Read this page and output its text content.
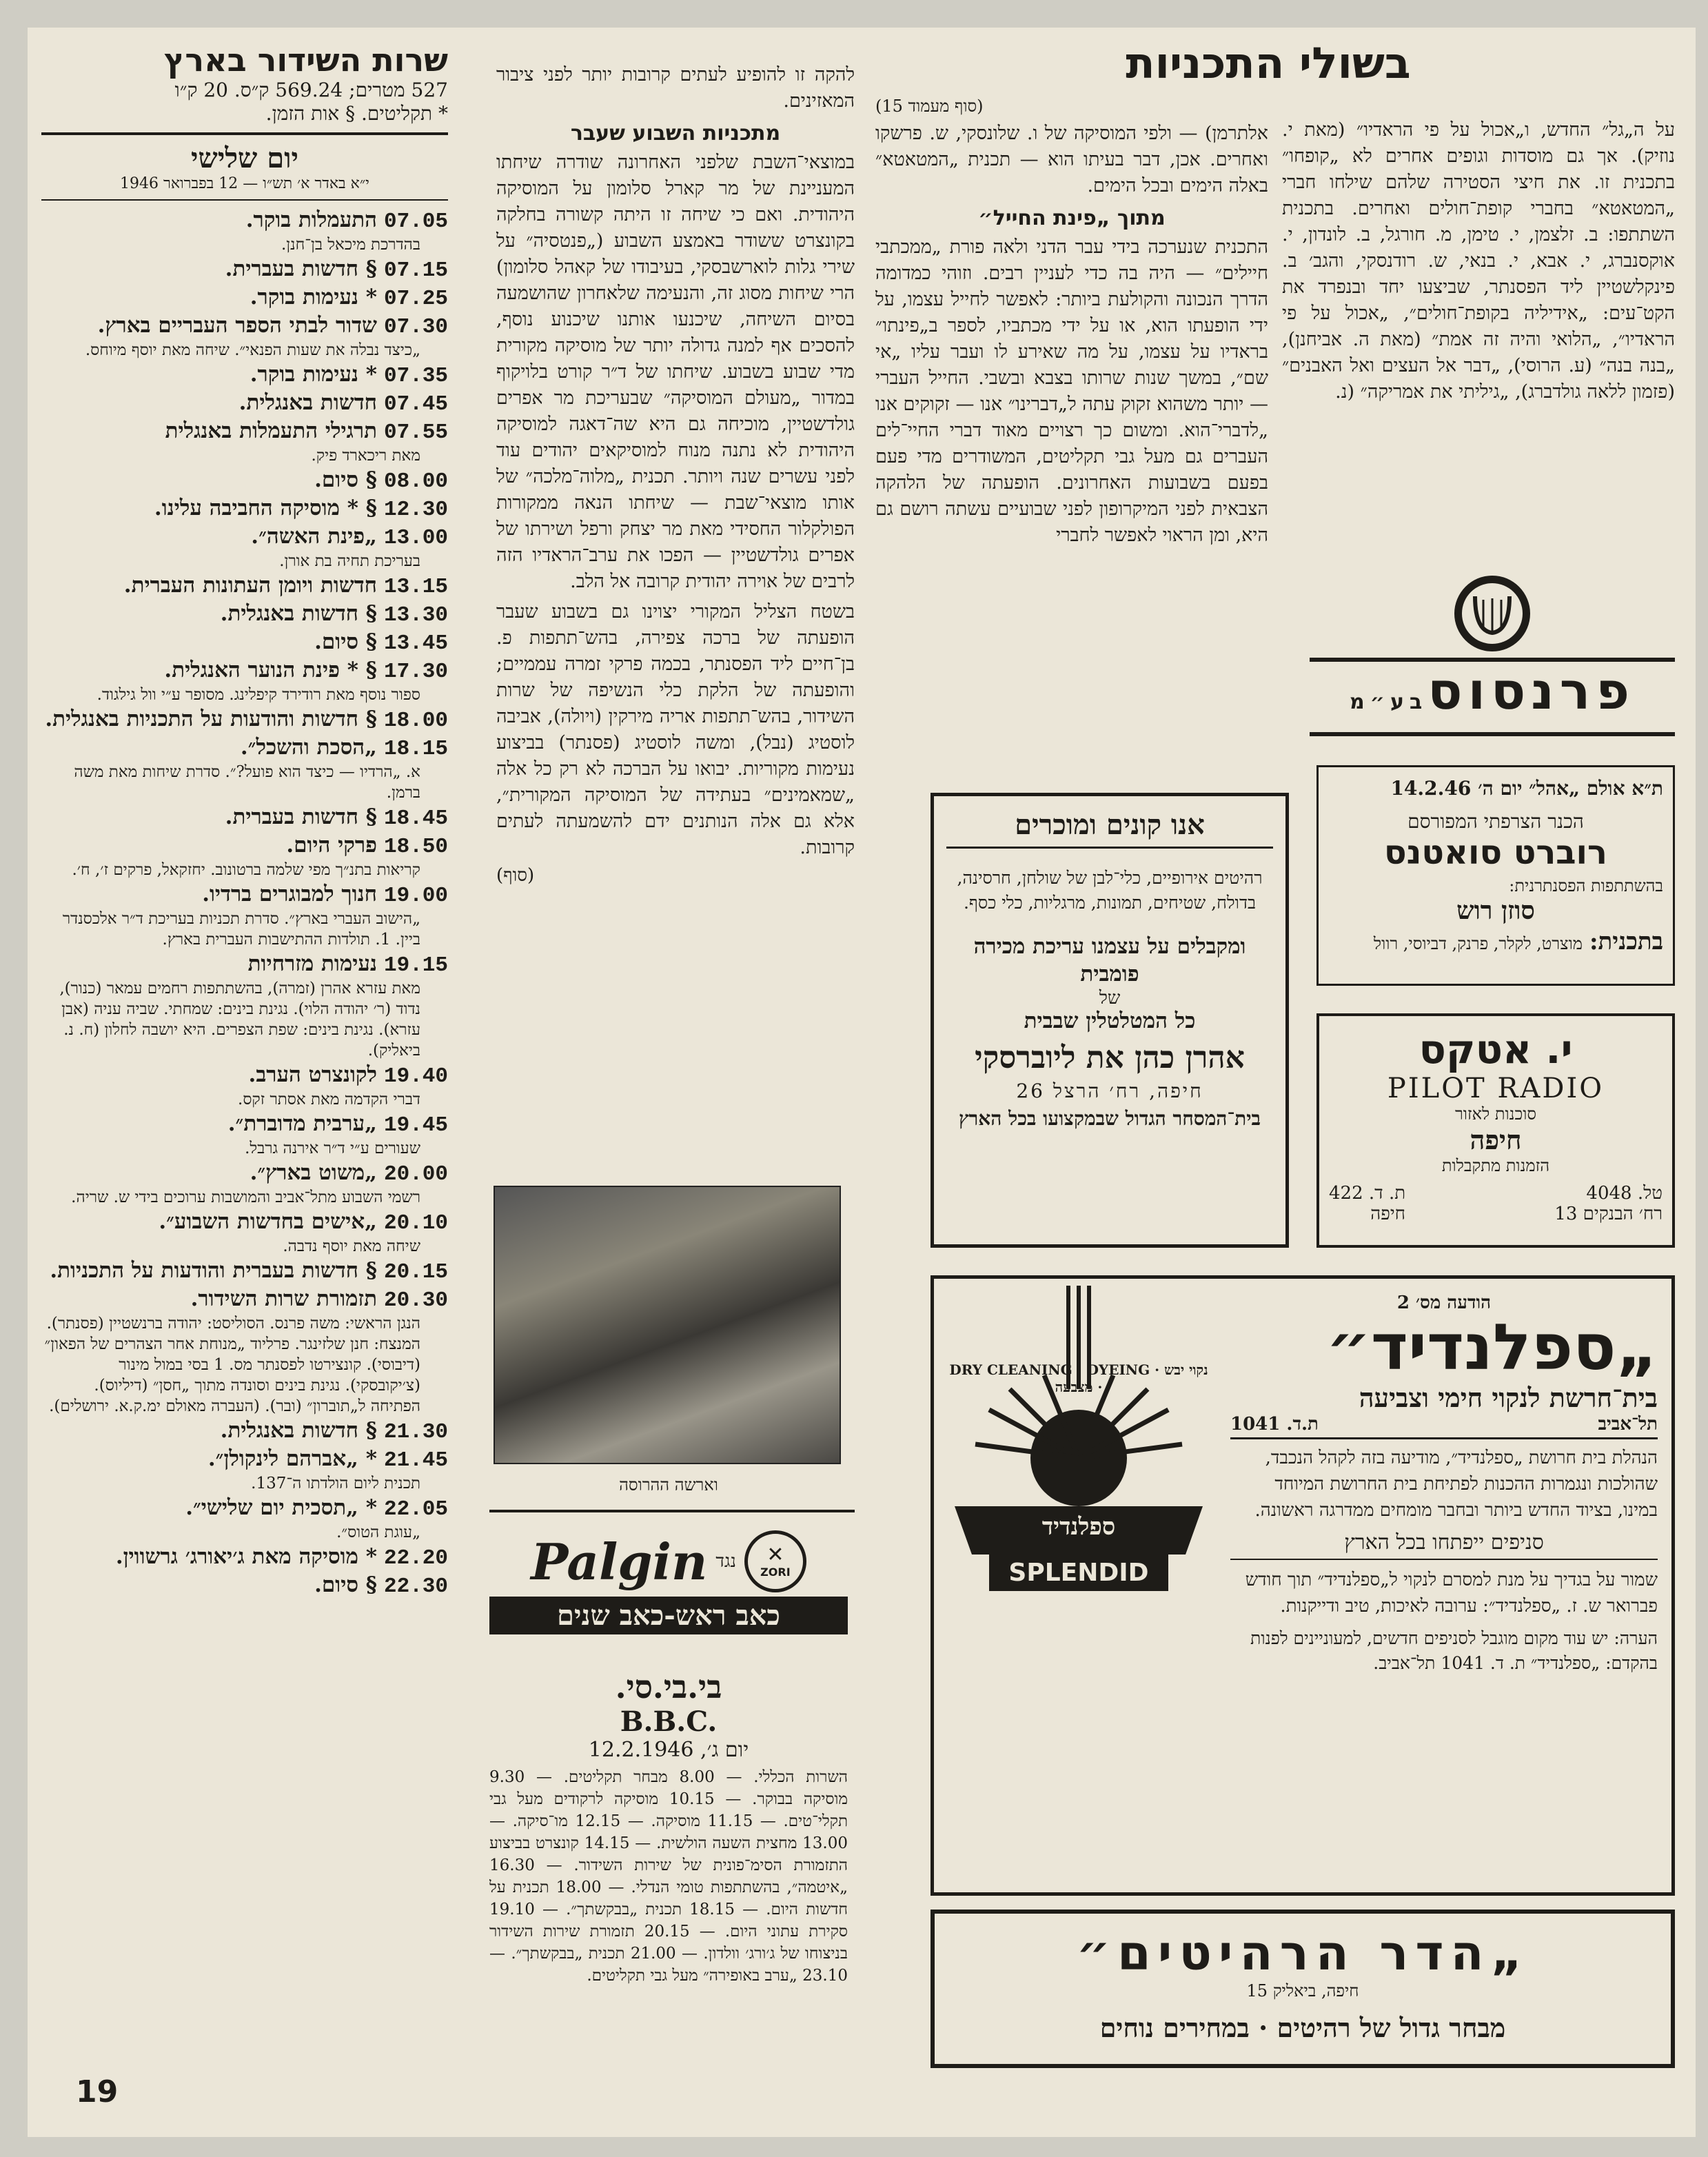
בשולי התכניות

על ה„גל״ החדש, ו„אכול על פי הראדיו״ (מאת י. נוזיק). אך גם מוסדות וגופים אחרים לא „קופחו״ בתכנית זו. את חיצי הסטירה שלהם שילחו חברי „המטאטא״ בחברי קופת־חולים ואחרים. בתכנית השתתפו: ב. זלצמן, י. טימן, מ. חורגל, ב. לונדון, י. אוקסנברג, י. אבא, י. בנאי, ש. רודנסקי, והגב׳ ב. פינקלשטיין ליד הפסנתר, שביצעו יחד ובנפרד את הקט־עים: „אידיליה בקופת־חולים״, „אכול על פי הראדיו״, „הלואי והיה זה אמת״ (מאת ה. אביחנן), „בנה בנה״ (ע. הרוסי), „דבר אל העצים ואל האבנים״ (פזמון ללאה גולדברג), „גיליתי את אמריקה״ (נ.

(סוף מעמוד 15)

אלתרמן) — ולפי המוסיקה של ו. שלונסקי, ש. פרשקו ואחרים. אכן, דבר בעיתו הוא — תכנית „המטאטא״ באלה הימים ובכל הימים.

מתוך „פינת החייל״

התכנית שנערכה בידי עבר הדני ולאה פורת „ממכתבי חיילים״ — היה בה כדי לעניין רבים. וזוהי כמדומה הדרך הנכונה והקולעת ביותר: לאפשר לחייל עצמו, על ידי הופעתו הוא, או על ידי מכתביו, לספר ב„פינתו״ בראדיו על עצמו, על מה שאירע לו ועבר עליו „אי שם״, במשך שנות שרותו בצבא ובשבי. החייל העברי — יותר משהוא זקוק עתה ל„דברינו״ אנו — זקוקים אנו „לדברי־הוא. ומשום כך רצויים מאוד דברי החיי־לים העברים גם מעל גבי תקליטים, המשודרים מדי פעם בפעם בשבועות האחרונים. הופעתה של הלהקה הצבאית לפני המיקרופון לפני שבועיים עשתה רושם גם היא, ומן הראוי לאפשר לחברי

פרנסוסבע״מ
ת״א אולם „אהל״ יום ה׳ 14.2.46
הכנר הצרפתי המפורסם
רוברט סואטנס
בהשתתפות הפסנתרנית:
סוזן רוש
בתכנית:מוצרט, לקלר, פרנק, דביוסי, רוול
י. אטקס
PILOT RADIO
סוכנות לאזור
חיפה
הזמנות מתקבלות
טל. 4048
רח׳ הבנקים 13
ת. ד. 422
חיפה
אנו קונים ומוכרים

רהיטים אירופיים, כלי־לבן של שולחן, חרסינה, בדולח, שטיחים, תמונות, מרגליות, כלי כסף.

ומקבלים על עצמנו עריכת מכירה פומבית
של
כל המטלטלין שבבית
אהרן כהן את ליוברסקי
חיפה, רח׳ הרצל 26
בית־המסחר הגדול שבמקצועו בכל הארץ
SPLENDID
ספלנדיד
DRY CLEANING · DYEING · נקוי יבש · מצבעה
הודעה מס׳ 2
„ספלנדיד״
בית־חרשת לנקוי חימי וצביעה
תל־אביב
ת.ד. 1041

הנהלת בית חרושת „ספלנדיד״, מודיעה בזה לקהל הנכבד, שהולכות ונגמרות ההכנות לפתיחת בית החרושת המיוחד במינו, בציוד החדש ביותר ובחבר מומחים ממדרגה ראשונה.

סניפים ייפתחו בכל הארץ

שמור על בגדיך על מנת למסרם לנקוי ל„ספלנדיד״ תוך חודש פברואר ש. ז. „ספלנדיד״: ערובה לאיכות, טיב ודייקנות.

הערה: יש עוד מקום מוגבל לסניפים חדשים, למעוניינים לפנות בהקדם: „ספלנדיד״ ת. ד. 1041 תל־אביב.

„הדר הרהיטים״
חיפה, ביאליק 15
מבחר גדול של רהיטים · במחירים נוחים

להקה זו להופיע לעתים קרובות יותר לפני ציבור המאזינים.

מתכניות השבוע שעבר

במוצאי־השבת שלפני האחרונה שודרה שיחתו המעניינת של מר קארל סלומון על המוסיקה היהודית. ואם כי שיחה זו היתה קשורה בחלקה בקונצרט ששודר באמצע השבוע („פנטסיה״ על שירי גלות לוארשבסקי, בעיבודו של קאהל סלומון) הרי שיחות מסוג זה, והנעימה שלאחרון שהושמעה בסיום השיחה, שיכנעו אותנו שיכנוע נוסף, להסכים אף למנה גדולה יותר של מוסיקה מקורית מדי שבוע בשבוע. שיחתו של ד״ר קורט בלויקוף במדור „מעולם המוסיקה״ שבעריכת מר אפרים גולדשטיין, מוכיחה גם היא שה־דאגה למוסיקה היהודית לא נתנה מנוח למוסיקאים יהודים עוד לפני עשרים שנה ויותר. תכנית „מלוה־מלכה״ של אותו מוצאי־שבת — שיחתו הנאה ממקורות הפולקלור החסידי מאת מר יצחק ורפל ושירתו של אפרים גולדשטיין — הפכו את ערב־הראדיו הזה לרבים של אוירה יהודית קרובה אל הלב.

בשטח הצליל המקורי יצוינו גם בשבוע שעבר הופעתה של ברכה צפירה, בהש־תתפות פ. בן־חיים ליד הפסנתר, בכמה פרקי זמרה עממיים; והופעתה של הלקת כלי הנשיפה של שרות השידור, בהש־תתפות אריה מירקין (ויולה), אביבה לוסטיג (נבל), ומשה לוסטיג (פסנתר) בביצוע נעימות מקוריות. יבואו על הברכה לא רק כל אלה „שמאמינים״ בעתידה של המוסיקה המקורית״, אלא גם אלה הנותנים ידם להשמעתה לעתים קרובות.

(סוף)
וארשה ההרוסה
✕
ZORI
נגד
Palgin
כאב ראש-כאב שנים
בי.בי.סי.
B.B.C.
יום ג׳, 12.2.1946

השרות הכללי. — 8.00 מבחר תקליטים. — 9.30 מוסיקה בבוקר. — 10.15 מוסיקה לרקודים מעל גבי תקלי־טים. — 11.15 מוסיקה. — 12.15 מו־סיקה. — 13.00 מחצית השעה הולשית. — 14.15 קונצרט בביצוע התזמורת הסימ־פונית של שירות השידור. — 16.30 „איטמה״, בהשתתפות טומי הנדלי. — 18.00 תכנית על חדשות היום. — 18.15 תכנית „בבקשתך״. — 19.10 סקירת עתוני היום. — 20.15 תזמורת שירות השידור בניצוחו של ג׳ורג׳ וולדון. — 21.00 תכנית „בבקשתך״. — 23.10 „ערב באופירה״ מעל גבי תקליטים.

שרות השידור בארץ
527 מטרים; 569.24 ק״ס. 20 ק״ו
* תקליטים. § אות הזמן.
יום שלישי
י״א באדר א׳ תש״ו — 12 בפברואר 1946
07.05התעמלות בוקר.
בהדרכת מיכאל בן־חנן.
07.15§ חדשות בעברית.
07.25* נעימות בוקר.
07.30שדור לבתי הספר העבריים בארץ.
„כיצד נבלה את שעות הפנאי״. שיחה מאת יוסף מיוחס.
07.35* נעימות בוקר.
07.45חדשות באנגלית.
07.55תרגילי התעמלות באנגלית
מאת ריכארד פיק.
08.00§ סיום.
12.30§ * מוסיקה החביבה עלינו.
13.00„פינת האשה״.
בעריכת תחיה בת אורן.
13.15חדשות ויומן העתונות העברית.
13.30§ חדשות באנגלית.
13.45§ סיום.
17.30§ * פינת הנוער האנגלית.
ספור נוסף מאת רודירד קיפלינג. מסופר ע״י וול גילגוד.
18.00§ חדשות והודעות על התכניות באנגלית.
18.15„הסכת והשכל״.
א. „הרדיו — כיצד הוא פועל?״. סדרת שיחות מאת משה ברמן.
18.45§ חדשות בעברית.
18.50פרקי היום.
קריאות בתנ״ך מפי שלמה ברטונוב. יחזקאל, פרקים ז׳, ח׳.
19.00חנוך למבוגרים ברדיו.
„הישוב העברי בארץ״. סדרת תכניות בעריכת ד״ר אלכסנדר ביין. 1. תולדות ההתישבות העברית בארץ.
19.15נעימות מזרחיות
מאת עזרא אהרן (זמרה), בהשתתפות רחמים עמאר (כנור), נדוד (ר׳ יהודה הלוי). נגינת בינים: שמחתי. שביה עניה (אבן עזרא). נגינת בינים: שפת הצפרים. היא יושבה לחלון (ח. נ. ביאליק).
19.40לקונצרט הערב.
דברי הקדמה מאת אסתר זקס.
19.45„ערבית מדוברת״.
שעורים ע״י ד״ר אירנה גרבל.
20.00„משוט בארץ״.
רשמי השבוע מתל־אביב והמושבות ערוכים בידי ש. שריה.
20.10„אישים בחדשות השבוע״.
שיחה מאת יוסף נדבה.
20.15§ חדשות בעברית והודעות על התכניות.
20.30תזמורת שרות השידור.
הנגן הראשי: משה פרנס. הסוליסט: יהודה ברנשטיין (פסנתר). המנצח: חנן שלזינגר. פרליוד „מנוחת אחר הצהרים של הפאון״ (דיבוסי). קונצירטו לפסנתר מס. 1 בסי במול מינור (צ׳יקובסקי). נגינת בינים וסונדה מתוך „חסן״ (דיליוס). הפתיחה ל„תוברון״ (ובר). (העברה מאולם ימ.ק.א. ירושלים).
21.30§ חדשות באנגלית.
21.45* „אברהם לינקולן״.
תכנית ליום הולדתו ה־137.
22.05* „תסכית יום שלישי״.
„עוגת הטוס״.
22.20* מוסיקה מאת ג׳יאורג׳ גרשווין.
22.30§ סיום.
19
